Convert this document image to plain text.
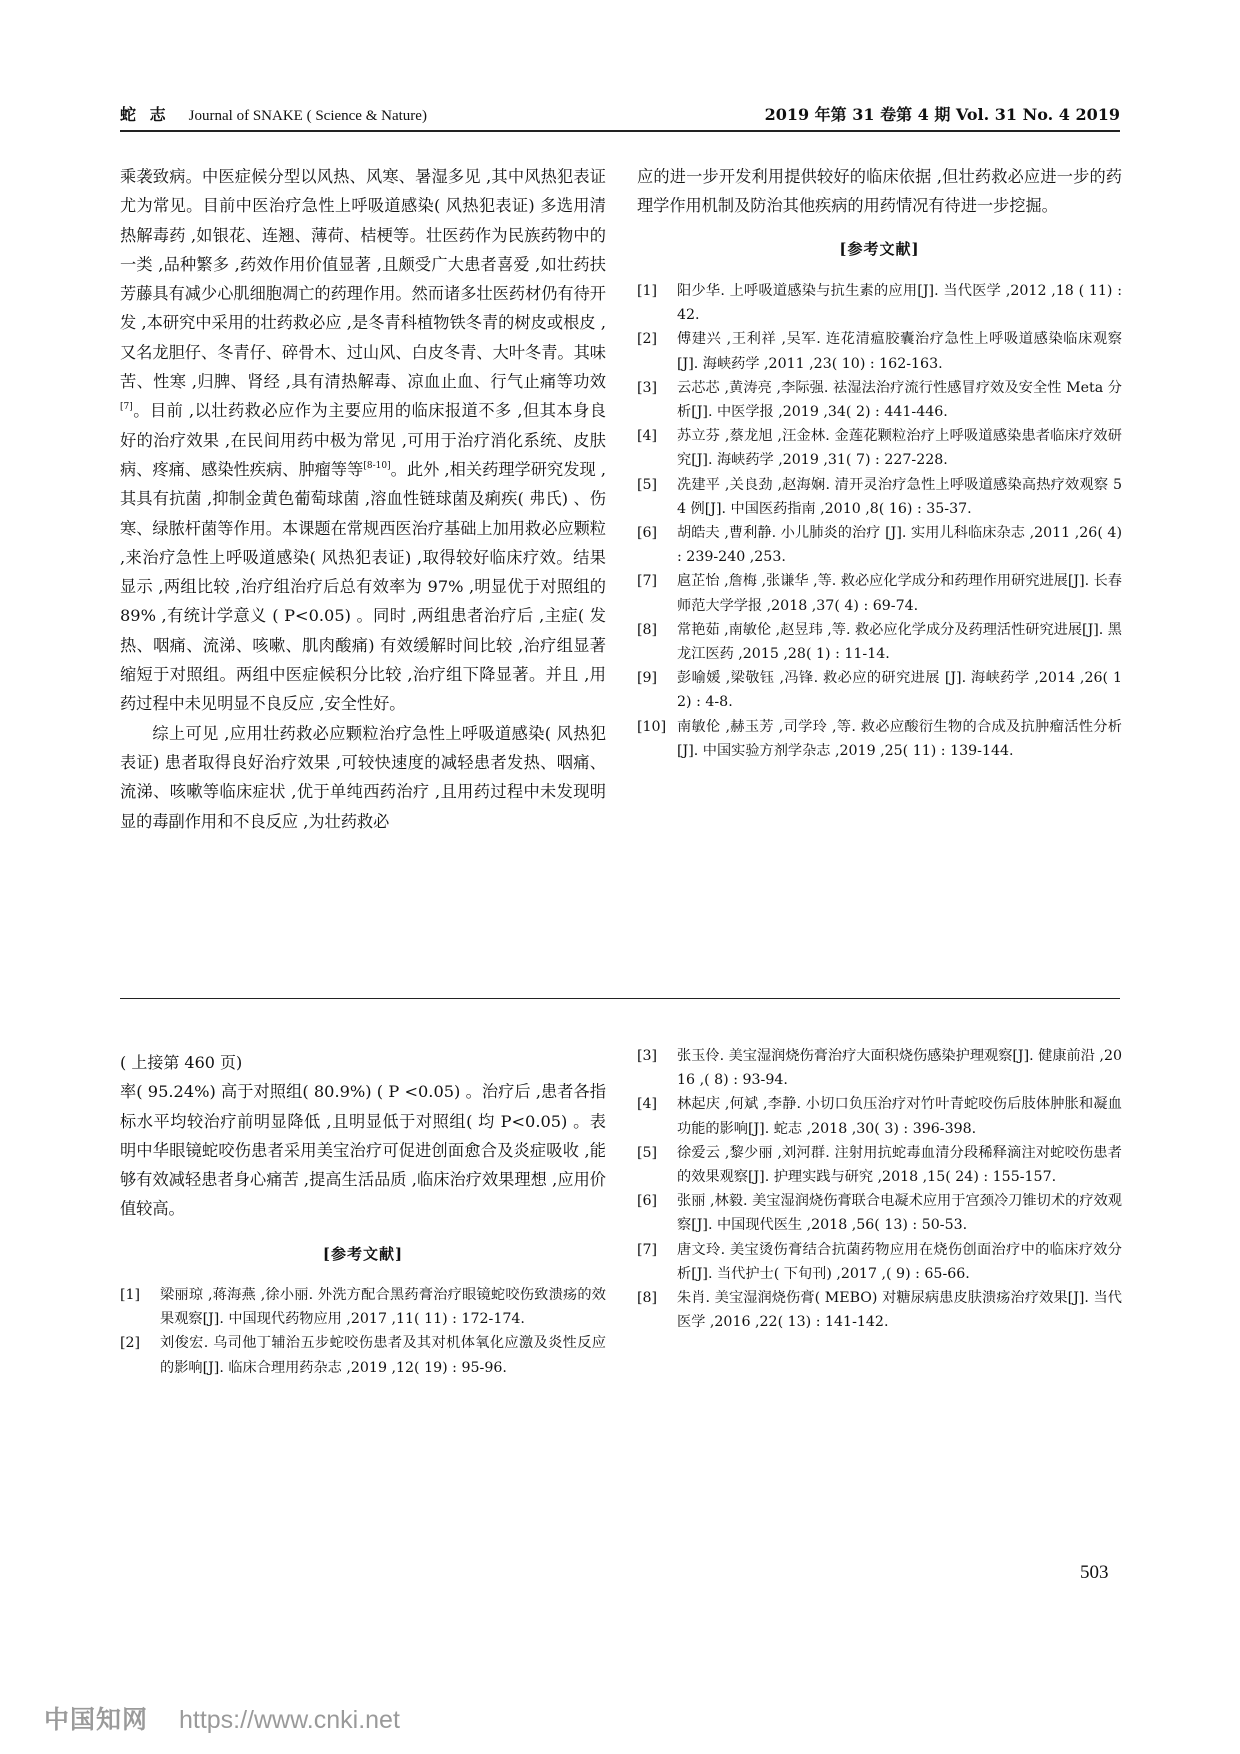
蛇 志 Journal of SNAKE ( Science & Nature)	2019 年第 31 卷第 4 期 Vol. 31 No. 4 2019

乘袭致病。中医症候分型以风热、风寒、暑湿多见 ,其中风热犯表证尤为常见。目前中医治疗急性上呼吸道感染( 风热犯表证) 多选用清热解毒药 ,如银花、连翘、薄荷、桔梗等。壮医药作为民族药物中的一类 ,品种繁多 ,药效作用价值显著 ,且颇受广大患者喜爱 ,如壮药扶芳藤具有减少心肌细胞凋亡的药理作用。然而诸多壮医药材仍有待开发 ,本研究中采用的壮药救必应 ,是冬青科植物铁冬青的树皮或根皮 ,又名龙胆仔、冬青仔、碎骨木、过山风、白皮冬青、大叶冬青。其味苦、性寒 ,归脾、肾经 ,具有清热解毒、凉血止血、行气止痛等功效[7]。目前 ,以壮药救必应作为主要应用的临床报道不多 ,但其本身良好的治疗效果 ,在民间用药中极为常见 ,可用于治疗消化系统、皮肤病、疼痛、感染性疾病、肿瘤等等[8-10]。此外 ,相关药理学研究发现 ,其具有抗菌 ,抑制金黄色葡萄球菌 ,溶血性链球菌及痢疾( 弗氏) 、伤寒、绿脓杆菌等作用。本课题在常规西医治疗基础上加用救必应颗粒 ,来治疗急性上呼吸道感染( 风热犯表证) ,取得较好临床疗效。结果显示 ,两组比较 ,治疗组治疗后总有效率为 97% ,明显优于对照组的 89% ,有统计学意义 ( P<0.05) 。同时 ,两组患者治疗后 ,主症( 发热、咽痛、流涕、咳嗽、肌肉酸痛) 有效缓解时间比较 ,治疗组显著缩短于对照组。两组中医症候积分比较 ,治疗组下降显著。并且 ,用药过程中未见明显不良反应 ,安全性好。

综上可见 ,应用壮药救必应颗粒治疗急性上呼吸道感染( 风热犯表证) 患者取得良好治疗效果 ,可较快速度的减轻患者发热、咽痛、流涕、咳嗽等临床症状 ,优于单纯西药治疗 ,且用药过程中未发现明显的毒副作用和不良反应 ,为壮药救必

应的进一步开发利用提供较好的临床依据 ,但壮药救必应进一步的药理学作用机制及防治其他疾病的用药情况有待进一步挖掘。

[参考文献]
[1] 阳少华. 上呼吸道感染与抗生素的应用[J]. 当代医学 ,2012 ,18 ( 11) : 42.
[2] 傅建兴 ,王利祥 ,吴军. 连花清瘟胶囊治疗急性上呼吸道感染临床观察[J]. 海峡药学 ,2011 ,23( 10) : 162-163.
[3] 云芯芯 ,黄涛亮 ,李际强. 祛湿法治疗流行性感冒疗效及安全性 Meta 分析[J]. 中医学报 ,2019 ,34( 2) : 441-446.
[4] 苏立芬 ,蔡龙旭 ,汪金林. 金莲花颗粒治疗上呼吸道感染患者临床疗效研究[J]. 海峡药学 ,2019 ,31( 7) : 227-228.
[5] 冼建平 ,关良劲 ,赵海娴. 清开灵治疗急性上呼吸道感染高热疗效观察 54 例[J]. 中国医药指南 ,2010 ,8( 16) : 35-37.
[6] 胡皓夫 ,曹利静. 小儿肺炎的治疗 [J]. 实用儿科临床杂志 ,2011 ,26( 4) : 239-240 ,253.
[7] 扈芷怡 ,詹梅 ,张谦华 ,等. 救必应化学成分和药理作用研究进展[J]. 长春师范大学学报 ,2018 ,37( 4) : 69-74.
[8] 常艳茹 ,南敏伦 ,赵昱玮 ,等. 救必应化学成分及药理活性研究进展[J]. 黑龙江医药 ,2015 ,28( 1) : 11-14.
[9] 彭喻媛 ,梁敬钰 ,冯锋. 救必应的研究进展 [J]. 海峡药学 ,2014 ,26( 12) : 4-8.
[10] 南敏伦 ,赫玉芳 ,司学玲 ,等. 救必应酸衍生物的合成及抗肿瘤活性分析[J]. 中国实验方剂学杂志 ,2019 ,25( 11) : 139-144.
( 上接第 460 页)

率( 95.24%) 高于对照组( 80.9%) ( P <0.05) 。治疗后 ,患者各指标水平均较治疗前明显降低 ,且明显低于对照组( 均 P<0.05) 。表明中华眼镜蛇咬伤患者采用美宝治疗可促进创面愈合及炎症吸收 ,能够有效减轻患者身心痛苦 ,提高生活品质 ,临床治疗效果理想 ,应用价值较高。

[参考文献]
[1] 梁丽琼 ,蒋海燕 ,徐小丽. 外洗方配合黑药膏治疗眼镜蛇咬伤致溃疡的效果观察[J]. 中国现代药物应用 ,2017 ,11( 11) : 172-174.
[2] 刘俊宏. 乌司他丁辅治五步蛇咬伤患者及其对机体氧化应激及炎性反应的影响[J]. 临床合理用药杂志 ,2019 ,12( 19) : 95-96.
[3] 张玉伶. 美宝湿润烧伤膏治疗大面积烧伤感染护理观察[J]. 健康前沿 ,2016 ,( 8) : 93-94.
[4] 林起庆 ,何斌 ,李静. 小切口负压治疗对竹叶青蛇咬伤后肢体肿胀和凝血功能的影响[J]. 蛇志 ,2018 ,30( 3) : 396-398.
[5] 徐爱云 ,黎少丽 ,刘河群. 注射用抗蛇毒血清分段稀释滴注对蛇咬伤患者的效果观察[J]. 护理实践与研究 ,2018 ,15( 24) : 155-157.
[6] 张丽 ,林毅. 美宝湿润烧伤膏联合电凝术应用于宫颈冷刀锥切术的疗效观察[J]. 中国现代医生 ,2018 ,56( 13) : 50-53.
[7] 唐文玲. 美宝烫伤膏结合抗菌药物应用在烧伤创面治疗中的临床疗效分析[J]. 当代护士( 下旬刊) ,2017 ,( 9) : 65-66.
[8] 朱肖. 美宝湿润烧伤膏( MEBO) 对糖尿病患皮肤溃疡治疗效果[J]. 当代医学 ,2016 ,22( 13) : 141-142.
503
中国知网 https://www.cnki.net
